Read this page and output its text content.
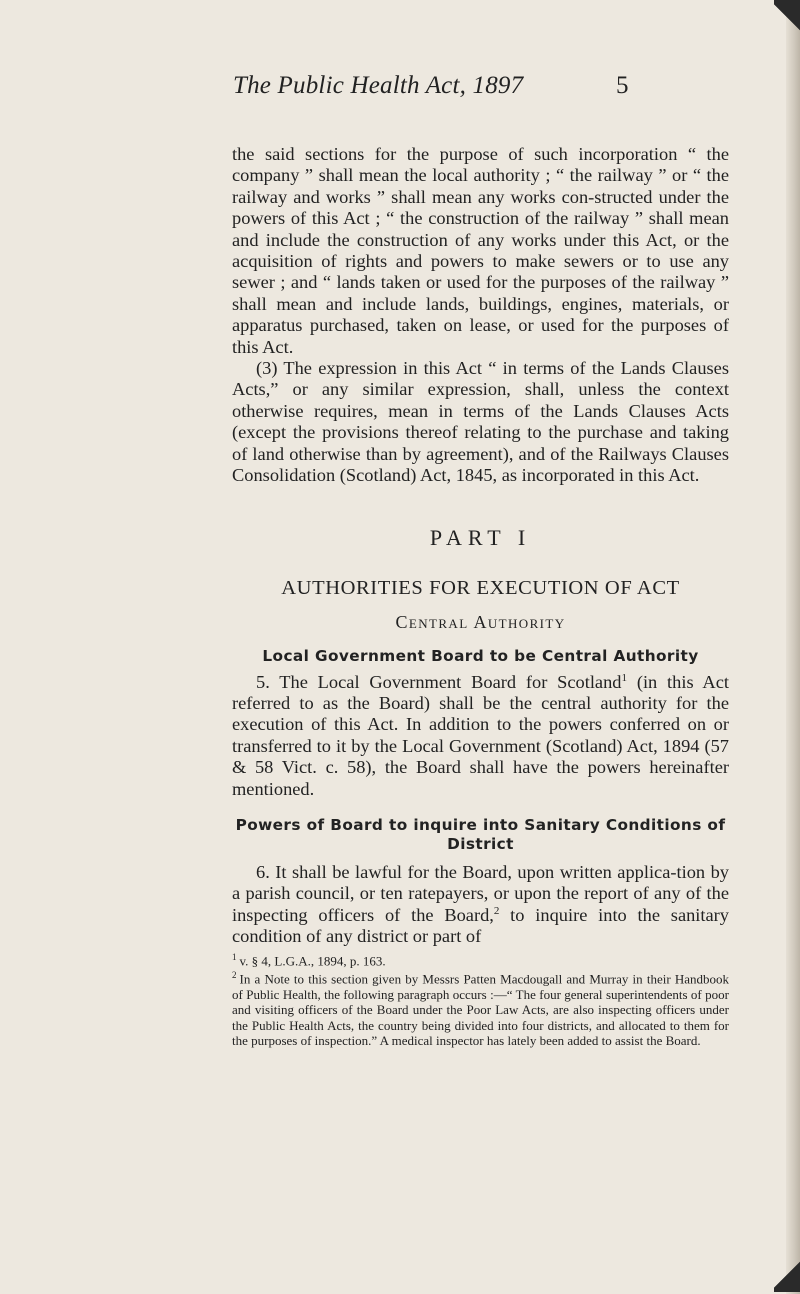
The Public Health Act, 1897	5

the said sections for the purpose of such incorporation “ the company ” shall mean the local authority ; “ the railway ” or “ the railway and works ” shall mean any works con-structed under the powers of this Act ; “ the construction of the railway ” shall mean and include the construction of any works under this Act, or the acquisition of rights and powers to make sewers or to use any sewer ; and “ lands taken or used for the purposes of the railway ” shall mean and include lands, buildings, engines, materials, or apparatus purchased, taken on lease, or used for the purposes of this Act.

(3) The expression in this Act “ in terms of the Lands Clauses Acts,” or any similar expression, shall, unless the context otherwise requires, mean in terms of the Lands Clauses Acts (except the provisions thereof relating to the purchase and taking of land otherwise than by agreement), and of the Railways Clauses Consolidation (Scotland) Act, 1845, as incorporated in this Act.

PART I
AUTHORITIES FOR EXECUTION OF ACT
Central Authority
Local Government Board to be Central Authority

5. The Local Government Board for Scotland$^1$ (in this Act referred to as the Board) shall be the central authority for the execution of this Act. In addition to the powers conferred on or transferred to it by the Local Government (Scotland) Act, 1894 (57 & 58 Vict. c. 58), the Board shall have the powers hereinafter mentioned.

Powers of Board to inquire into Sanitary Conditions of District

6. It shall be lawful for the Board, upon written applica-tion by a parish council, or ten ratepayers, or upon the report of any of the inspecting officers of the Board,$^2$ to inquire into the sanitary condition of any district or part of

$^1$ v. § 4, L.G.A., 1894, p. 163.

$^2$ In a Note to this section given by Messrs Patten Macdougall and Murray in their Handbook of Public Health, the following paragraph occurs :—“ The four general superintendents of poor and visiting officers of the Board under the Poor Law Acts, are also inspecting officers under the Public Health Acts, the country being divided into four districts, and allocated to them for the purposes of inspection.” A medical inspector has lately been added to assist the Board.
